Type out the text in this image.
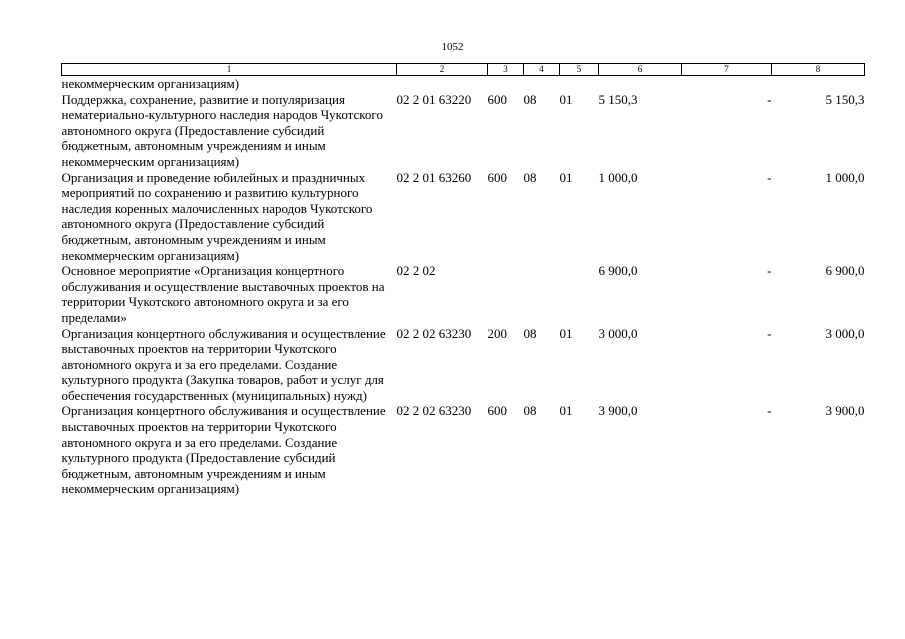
1052
1	2	3	4	5	6	7	8
некоммерческим организациям)							
Поддержка, сохранение, развитие и популяризация нематериально-культурного наследия народов Чукотского автономного округа (Предоставление субсидий бюджетным, автономным учреждениям и иным некоммерческим организациям)	02 2 01 63220	600	08	01	5 150,3	-	5 150,3
Организация и проведение юбилейных и праздничных мероприятий по сохранению и развитию культурного наследия коренных малочисленных народов Чукотского автономного округа (Предоставление субсидий бюджетным, автономным учреждениям и иным некоммерческим организациям)	02 2 01 63260	600	08	01	1 000,0	-	1 000,0
Основное мероприятие «Организация концертного обслуживания и осуществление выставочных проектов на территории Чукотского автономного округа и за его пределами»	02 2 02				6 900,0	-	6 900,0
Организация концертного обслуживания и осуществление выставочных проектов на территории Чукотского автономного округа и за его пределами. Создание культурного продукта (Закупка товаров, работ и услуг для обеспечения государственных (муниципальных) нужд)	02 2 02 63230	200	08	01	3 000,0	-	3 000,0
Организация концертного обслуживания и осуществление выставочных проектов на территории Чукотского автономного округа и за его пределами. Создание культурного продукта (Предоставление субсидий бюджетным, автономным учреждениям и иным некоммерческим организациям)	02 2 02 63230	600	08	01	3 900,0	-	3 900,0
